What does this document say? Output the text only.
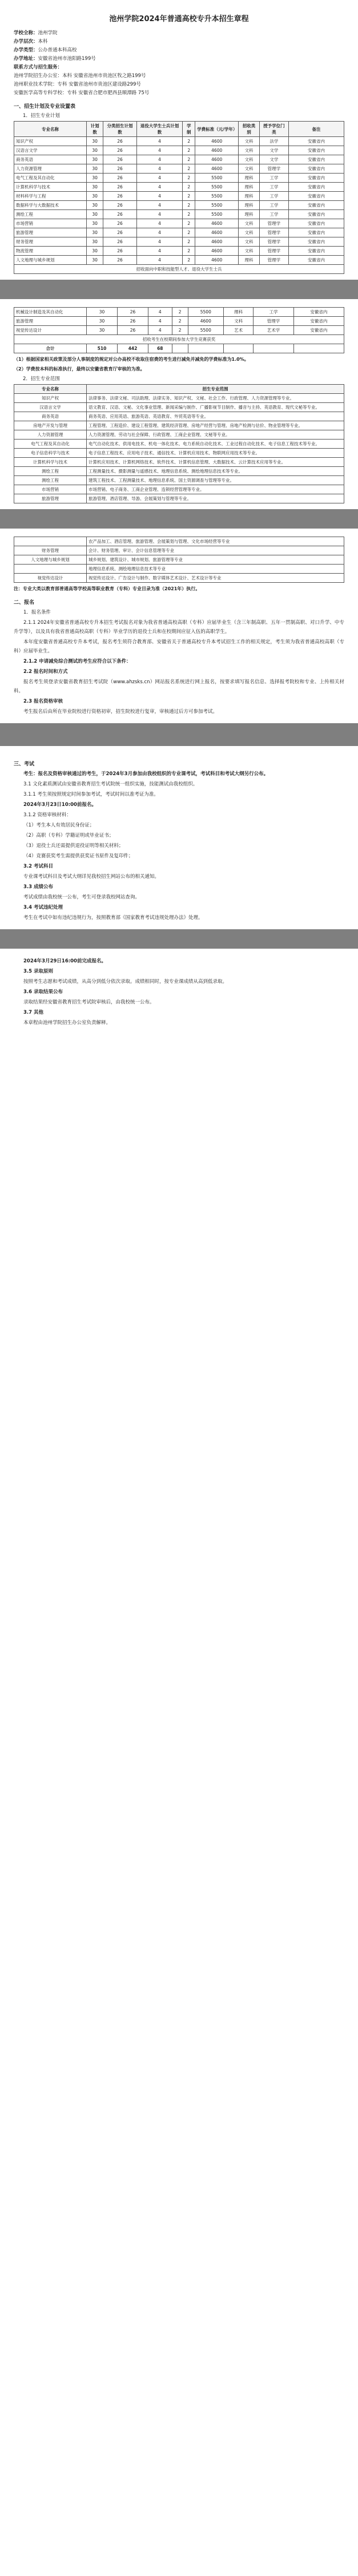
池州学院2024年普通高校专升本招生章程

学校全称：池州学院

办学层次：本科

办学类型：公办普通本科高校

办学地址：安徽省池州市池阳路199号

联系方式与招生服务：

池州学院招生办公室：本科 安徽省池州市贵池区牧之路199号

池州职业技术学院：专科 安徽省池州市贵池区建设路299号

安徽医学高等专科学校：专科 安徽省合肥市肥西县顺潭路 75号

一、招生计划及专业设置表
1．招生专业计划
专业名称	计划数	分类招生计划数	退役大学生士兵计划数	学制	学费标准（元/学年）	招收类别	授予学位门类	备注
知识产权	30	26	4	2	4600	文科	法学	安徽省内
汉语言文学	30	26	4	2	4600	文科	文学	安徽省内
商务英语	30	26	4	2	4600	文科	文学	安徽省内
人力资源管理	30	26	4	2	4600	文科	管理学	安徽省内
电气工程及其自动化	30	26	4	2	5500	理科	工学	安徽省内
计算机科学与技术	30	26	4	2	5500	理科	工学	安徽省内
材料科学与工程	30	26	4	2	5500	理科	工学	安徽省内
数据科学与大数据技术	30	26	4	2	5500	理科	工学	安徽省内
测绘工程	30	26	4	2	5500	理科	工学	安徽省内
市场营销	30	26	4	2	4600	文科	管理学	安徽省内
旅游管理	30	26	4	2	4600	文科	管理学	安徽省内
财务管理	30	26	4	2	4600	文科	管理学	安徽省内
物流管理	30	26	4	2	4600	文科	管理学	安徽省内
人文地理与城乡规划	30	26	4	2	4600	理科	管理学	安徽省内
招收面向中职和技能型人才、退役大学生士兵								
机械设计制造及其自动化	30	26	4	2	5500	理科	工学	安徽省内
旅游管理	30	26	4	2	4600	文科	管理学	安徽省内
视觉传达设计	30	26	4	2	5500	艺术	艺术学	安徽省内
招收考生在校期间参加大学生竞赛获奖								
合计	510	442	68					

（1）根据国家相关政策及部分人事制度的规定对公办高校不收取住宿费的考生进行减免并减免的学费标准为1.0%。

（2）学费按本科的标准执行，最终以安徽省教育厅审核的为准。

2．招生专业范围
专业名称	招生专业范围
知识产权	法律事务、法律文秘、司法助理、法律实务、知识产权、文秘、社会工作、行政管理、人力资源管理等专业。
汉语言文学	语文教育、汉语、文秘、文化事业管理、新闻采编与制作、广播影视节目制作、播音与主持、英语教育、现代文秘等专业。
商务英语	商务英语、应用英语、旅游英语、英语教育、外贸英语等专业。
房地产开发与管理	工程管理、工程造价、建设工程管理、建筑经济管理、房地产经营与管理、房地产检测与估价、物业管理等专业。
人力资源管理	人力资源管理、劳动与社会保障、行政管理、工商企业管理、文秘等专业。
电气工程及其自动化	电气自动化技术、供用电技术、机电一体化技术、电力系统自动化技术、工业过程自动化技术、电子信息工程技术等专业。
电子信息科学与技术	电子信息工程技术、应用电子技术、通信技术、计算机应用技术、物联网应用技术等专业。
计算机科学与技术	计算机应用技术、计算机网络技术、软件技术、计算机信息管理、大数据技术、云计算技术应用等专业。
测绘工程	工程测量技术、摄影测量与遥感技术、地理信息系统、测绘地理信息技术等专业。
测绘工程	建筑工程技术、工程测量技术、地理信息系统、国土资源调查与管理等专业。
市场营销	市场营销、电子商务、工商企业管理、连锁经营管理等专业。
旅游管理	旅游管理、酒店管理、导游、会展策划与管理等专业。
	农产品加工、酒店管理、旅游管理、会展策划与管理、文化市场经营等专业
财务管理	会计、财务管理、审计、会计信息管理等专业
人文地理与城乡规划	城乡规划、建筑设计、城市规划、旅游管理等专业
	地理信息系统、测绘地理信息技术等专业
视觉传达设计	视觉传达设计、广告设计与制作、数字媒体艺术设计、艺术设计等专业

注：专业大类以教育部普通高等学校高等职业教育（专科）专业目录为准（2021年）执行。

二、报名
1．报名条件

2.1.1 2024年安徽省普通高校专升本招生考试报名对象为我省普通高校高职（专科）应届毕业生（含三年制高职、五年一贯制高职、对口升学、中专升学等），以及具有我省普通高校高职（专科）毕业学历的退役士兵和在校期间应征入伍的高职学生。

本年度安徽省普通高校专升本考试，报名考生须符合教育部、安徽省关于普通高校专升本考试招生工作的相关规定，考生须为我省普通高校高职（专科）应届毕业生。

2.1.2 申请减免综合测试的考生应符合以下条件：

2.2 报名时间和方式

报名考生须登录安徽省教育招生考试院（www.ahzsks.cn）网站报名系统进行网上报名，按要求填写报名信息、选择报考院校和专业、上传相关材料。

2.3 报名资格审核

考生报名后由所在毕业院校进行资格初审，招生院校进行复审，审核通过后方可参加考试。

三、考试

考生：报名及资格审核通过的考生，于2024年3月参加由我校组织的专业课考试，考试科目和考试大纲另行公布。

3.1 文化素质测试由安徽省教育招生考试院统一组织实施，技能测试由我校组织。

3.1.1 考生须按照规定时间参加考试，考试时间以准考证为准。

2024年3月23日10:00前报名。

3.1.2 资格审核材料：

（1）考生本人有效居民身份证；

（2）高职（专科）学籍证明或毕业证书；

（3）退役士兵还需提供退役证明等相关材料；

（4）竞赛获奖考生需提供获奖证书原件及复印件；

3.2 考试科目

专业课考试科目及考试大纲详见我校招生网站公布的相关通知。

3.3 成绩公布

考试成绩由我校统一公布，考生可登录我校网站查询。

3.4 考试违纪处理

考生在考试中如有违纪违规行为，按照教育部《国家教育考试违规处理办法》处理。

2024年3月29日16:00前完成报名。

3.5 录取原则

按照考生志愿和考试成绩，从高分到低分依次录取。成绩相同时，按专业课成绩从高到低录取。

3.6 录取结果公布

录取结果经安徽省教育招生考试院审核后，由我校统一公布。

3.7 其他

本章程由池州学院招生办公室负责解释。
